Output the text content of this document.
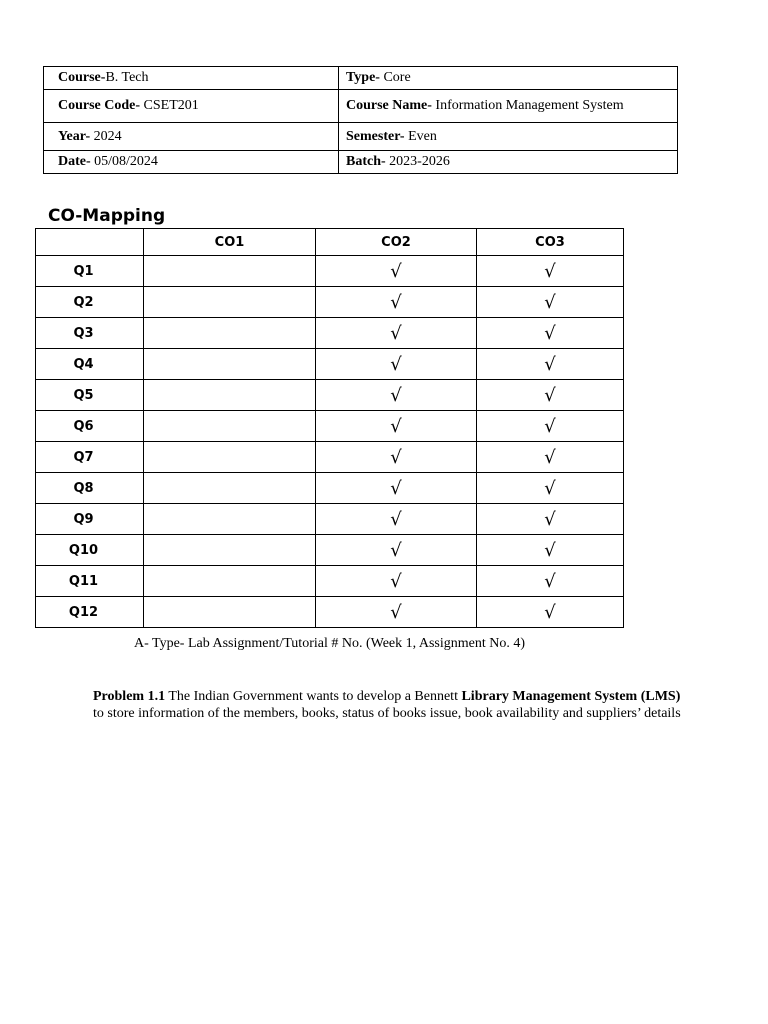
Course-B. Tech	Type- Core
Course Code- CSET201	Course Name- Information Management System
Year- 2024	Semester- Even
Date- 05/08/2024	Batch- 2023-2026
CO-Mapping
	CO1	CO2	CO3
Q1		√	√
Q2		√	√
Q3		√	√
Q4		√	√
Q5		√	√
Q6		√	√
Q7		√	√
Q8		√	√
Q9		√	√
Q10		√	√
Q11		√	√
Q12		√	√

A- Type- Lab Assignment/Tutorial # No. (Week 1, Assignment No. 4)

Problem 1.1 The Indian Government wants to develop a Bennett Library Management System (LMS)
to store information of the members, books, status of books issue, book availability and suppliers’ details
